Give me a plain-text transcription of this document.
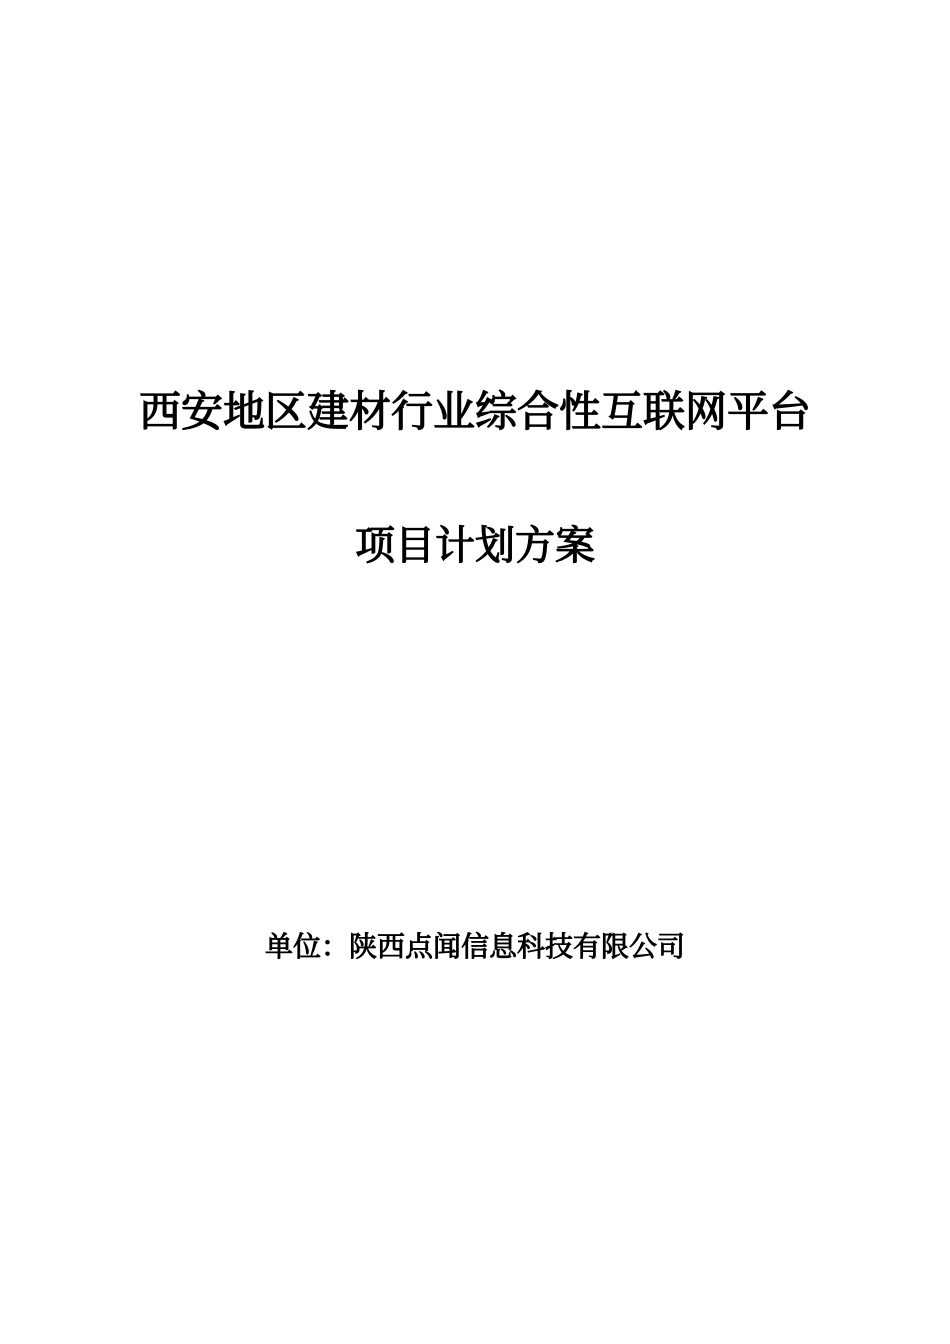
西安地区建材行业综合性互联网平台
项目计划方案

单位：陕西点闻信息科技有限公司
